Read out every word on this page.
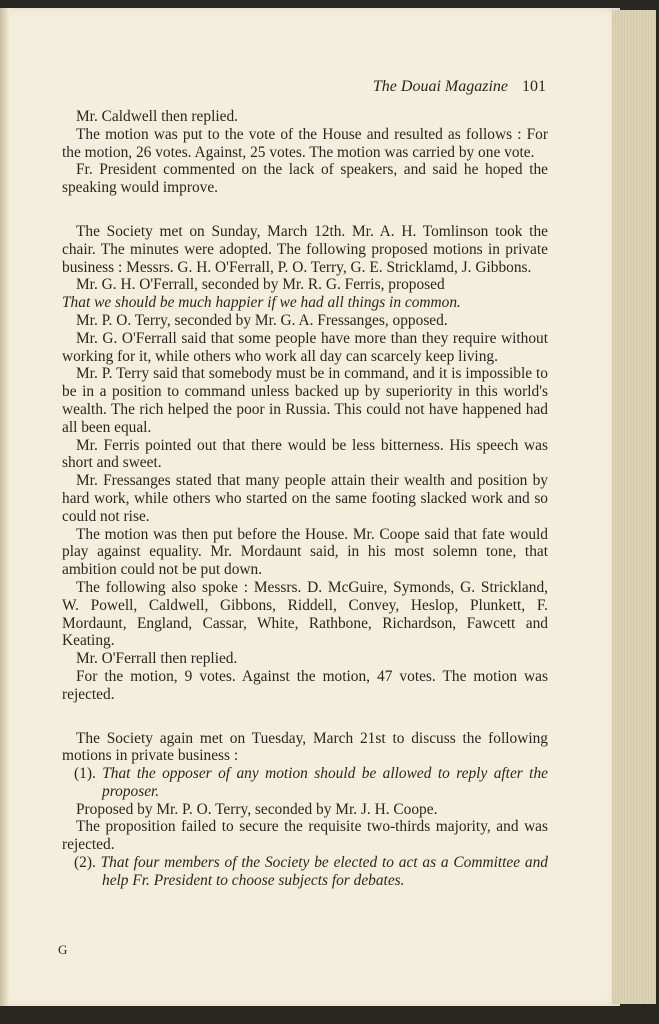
The Douai Magazine 101

Mr. Caldwell then replied.

The motion was put to the vote of the House and resulted as follows : For the motion, 26 votes. Against, 25 votes. The motion was carried by one vote.

Fr. President commented on the lack of speakers, and said he hoped the speaking would improve.

The Society met on Sunday, March 12th. Mr. A. H. Tomlinson took the chair. The minutes were adopted. The following proposed motions in private business : Messrs. G. H. O'Ferrall, P. O. Terry, G. E. Stricklamd, J. Gibbons.

Mr. G. H. O'Ferrall, seconded by Mr. R. G. Ferris, proposed

That we should be much happier if we had all things in common.

Mr. P. O. Terry, seconded by Mr. G. A. Fressanges, opposed.

Mr. G. O'Ferrall said that some people have more than they require without working for it, while others who work all day can scarcely keep living.

Mr. P. Terry said that somebody must be in command, and it is impossible to be in a position to command unless backed up by superiority in this world's wealth. The rich helped the poor in Russia. This could not have happened had all been equal.

Mr. Ferris pointed out that there would be less bitterness. His speech was short and sweet.

Mr. Fressanges stated that many people attain their wealth and position by hard work, while others who started on the same footing slacked work and so could not rise.

The motion was then put before the House. Mr. Coope said that fate would play against equality. Mr. Mordaunt said, in his most solemn tone, that ambition could not be put down.

The following also spoke : Messrs. D. McGuire, Symonds, G. Strickland, W. Powell, Caldwell, Gibbons, Riddell, Convey, Heslop, Plunkett, F. Mordaunt, England, Cassar, White, Rathbone, Richardson, Fawcett and Keating.

Mr. O'Ferrall then replied.

For the motion, 9 votes. Against the motion, 47 votes. The motion was rejected.

The Society again met on Tuesday, March 21st to discuss the following motions in private business :

(1). That the opposer of any motion should be allowed to reply after the proposer.

Proposed by Mr. P. O. Terry, seconded by Mr. J. H. Coope.

The proposition failed to secure the requisite two-thirds majority, and was rejected.

(2). That four members of the Society be elected to act as a Committee and help Fr. President to choose subjects for debates.

G
